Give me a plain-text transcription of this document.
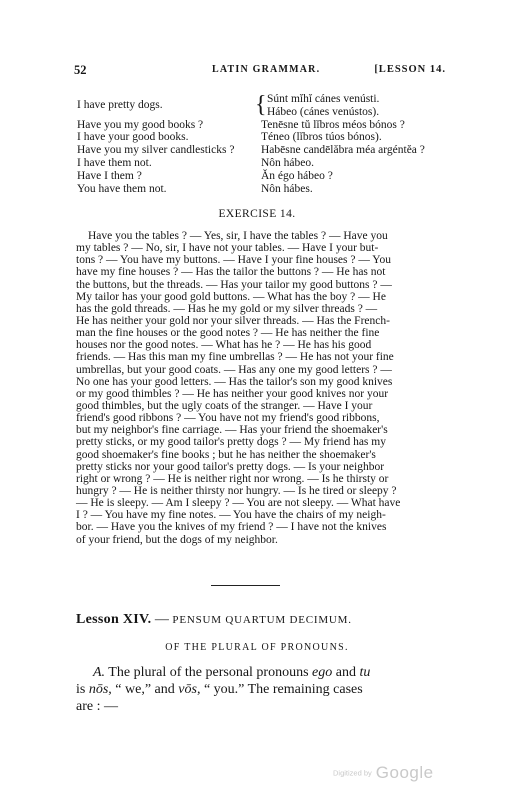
52	LATIN GRAMMAR.	[LESSON 14.
I have pretty dogs.	{ Súnt mĭhĭ cánes venústi.
Hábeo (cánes venústos).
Have you my good books ?	Tenēsne tŭ lĭbros méos bónos ?
I have your good books.	Téneo (lĭbros túos bónos).
Have you my silver candlesticks ? Habēsne candēlăbra méa argéntĕa ?
I have them not.	Nôn hábeo.
Have I them ?	Ăn égo hábeo ?
You have them not.	Nôn hábes.
EXERCISE 14.
Have you the tables ? — Yes, sir, I have the tables ? — Have you
my tables ? — No, sir, I have not your tables. — Have I your but-
tons ? — You have my buttons. — Have I your fine houses ? — You
have my fine houses ? — Has the tailor the buttons ? — He has not
the buttons, but the threads. — Has your tailor my good buttons ? —
My tailor has your good gold buttons. — What has the boy ? — He
has the gold threads. — Has he my gold or my silver threads ? —
He has neither your gold nor your silver threads. — Has the French-
man the fine houses or the good notes ? — He has neither the fine
houses nor the good notes. — What has he ? — He has his good
friends. — Has this man my fine umbrellas ? — He has not your fine
umbrellas, but your good coats. — Has any one my good letters ? —
No one has your good letters. — Has the tailor's son my good knives
or my good thimbles ? — He has neither your good knives nor your
good thimbles, but the ugly coats of the stranger. — Have I your
friend's good ribbons ? — You have not my friend's good ribbons,
but my neighbor's fine carriage. — Has your friend the shoemaker's
pretty sticks, or my good tailor's pretty dogs ? — My friend has my
good shoemaker's fine books ; but he has neither the shoemaker's
pretty sticks nor your good tailor's pretty dogs. — Is your neighbor
right or wrong ? — He is neither right nor wrong. — Is he thirsty or
hungry ? — He is neither thirsty nor hungry. — Is he tired or sleepy ?
— He is sleepy. — Am I sleepy ? — You are not sleepy. — What have
I ? — You have my fine notes. — You have the chairs of my neigh-
bor. — Have you the knives of my friend ? — I have not the knives
of your friend, but the dogs of my neighbor.
Lesson XIV. — PENSUM QUARTUM DECIMUM.
OF THE PLURAL OF PRONOUNS.
A. The plural of the personal pronouns ego and tu
is nōs, “ we,” and vōs, “ you.” The remaining cases
are : —
Digitized by Google
